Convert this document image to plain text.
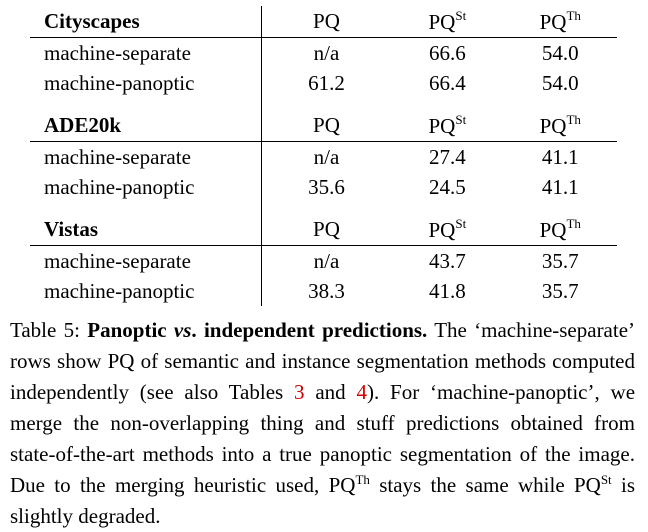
Cityscapes	PQ	$PQ^{St}$	$PQ^{Th}$
machine-separate	n/a	66.6	54.0
machine-panoptic	61.2	66.4	54.0

ADE20k	PQ	$PQ^{St}$	$PQ^{Th}$
machine-separate	n/a	27.4	41.1
machine-panoptic	35.6	24.5	41.1

Vistas	PQ	$PQ^{St}$	$PQ^{Th}$
machine-separate	n/a	43.7	35.7
machine-panoptic	38.3	41.8	35.7
Table 5: Panoptic vs. independent predictions. The ‘machine-separate’ rows show PQ of semantic and instance segmentation methods computed independently (see also Tables 3 and 4). For ‘machine-panoptic’, we merge the non-overlapping thing and stuff predictions obtained from state-of-the-art methods into a true panoptic segmentation of the image. Due to the merging heuristic used, $PQ^{Th}$ stays the same while $PQ^{St}$ is slightly degraded.
